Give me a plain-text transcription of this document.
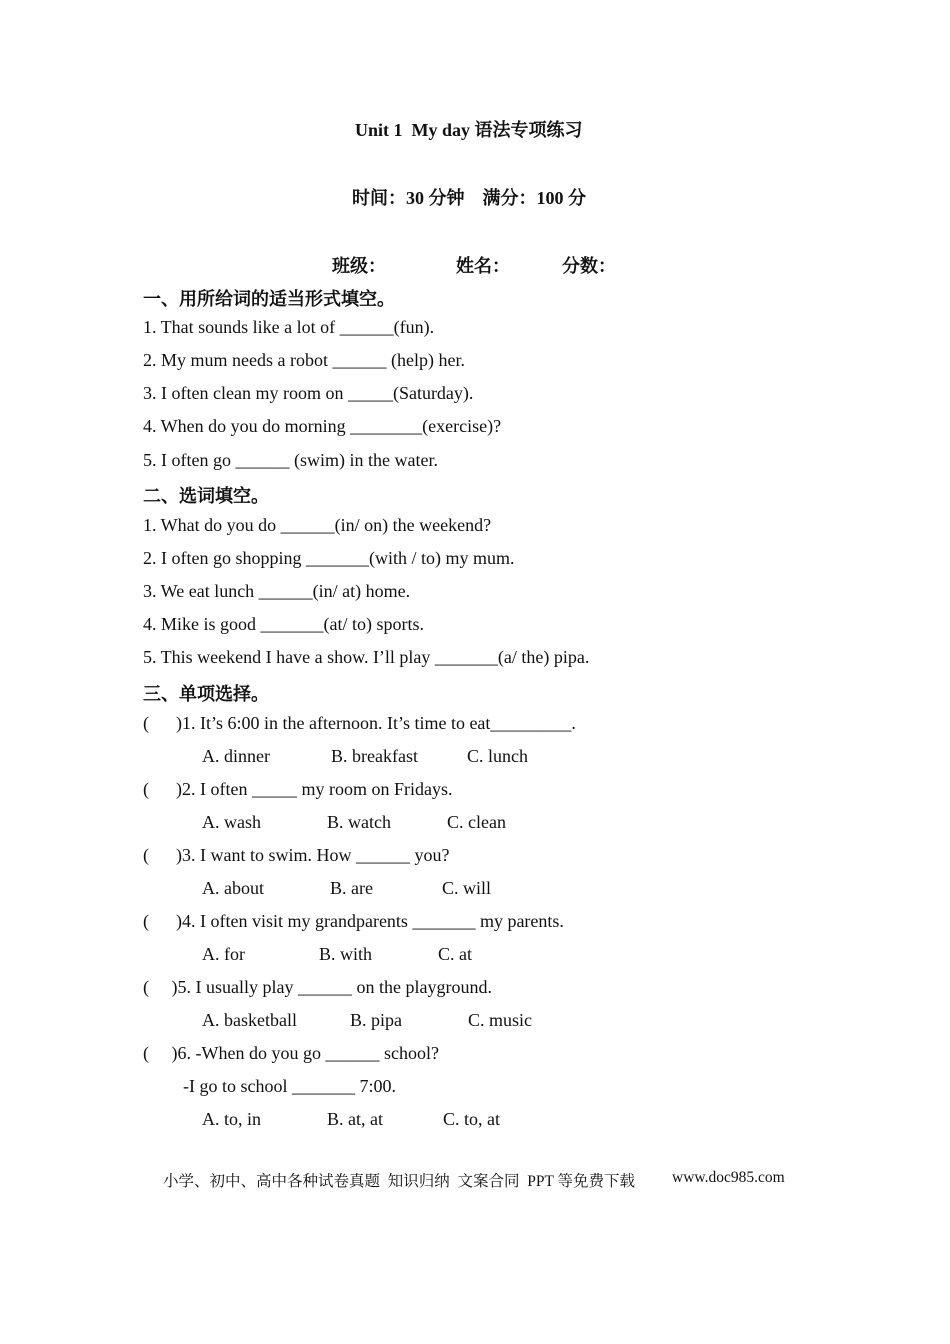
Unit 1  My day 语法专项练习
时间：30 分钟    满分：100 分
班级：	姓名：	分数：
一、用所给词的适当形式填空。
1. That sounds like a lot of ______(fun).
2. My mum needs a robot ______ (help) her.
3. I often clean my room on _____(Saturday).
4. When do you do morning ________(exercise)?
5. I often go ______ (swim) in the water.
二、选词填空。
1. What do you do ______(in/ on) the weekend?
2. I often go shopping _______(with / to) my mum.
3. We eat lunch ______(in/ at) home.
4. Mike is good _______(at/ to) sports.
5. This weekend I have a show. I’ll play _______(a/ the) pipa.
三、单项选择。
(      )1. It’s 6:00 in the afternoon. It’s time to eat_________.
A. dinner	B. breakfast	C. lunch
(      )2. I often _____ my room on Fridays.
A. wash	B. watch	C. clean
(      )3. I want to swim. How ______ you?
A. about	B. are	C. will
(      )4. I often visit my grandparents _______ my parents.
A. for	B. with	C. at
(     )5. I usually play ______ on the playground.
A. basketball	B. pipa	C. music
(     )6. -When do you go ______ school?
-I go to school _______ 7:00.
A. to, in	B. at, at	C. to, at
小学、初中、高中各种试卷真题  知识归纳  文案合同  PPT 等免费下载 www.doc985.com
